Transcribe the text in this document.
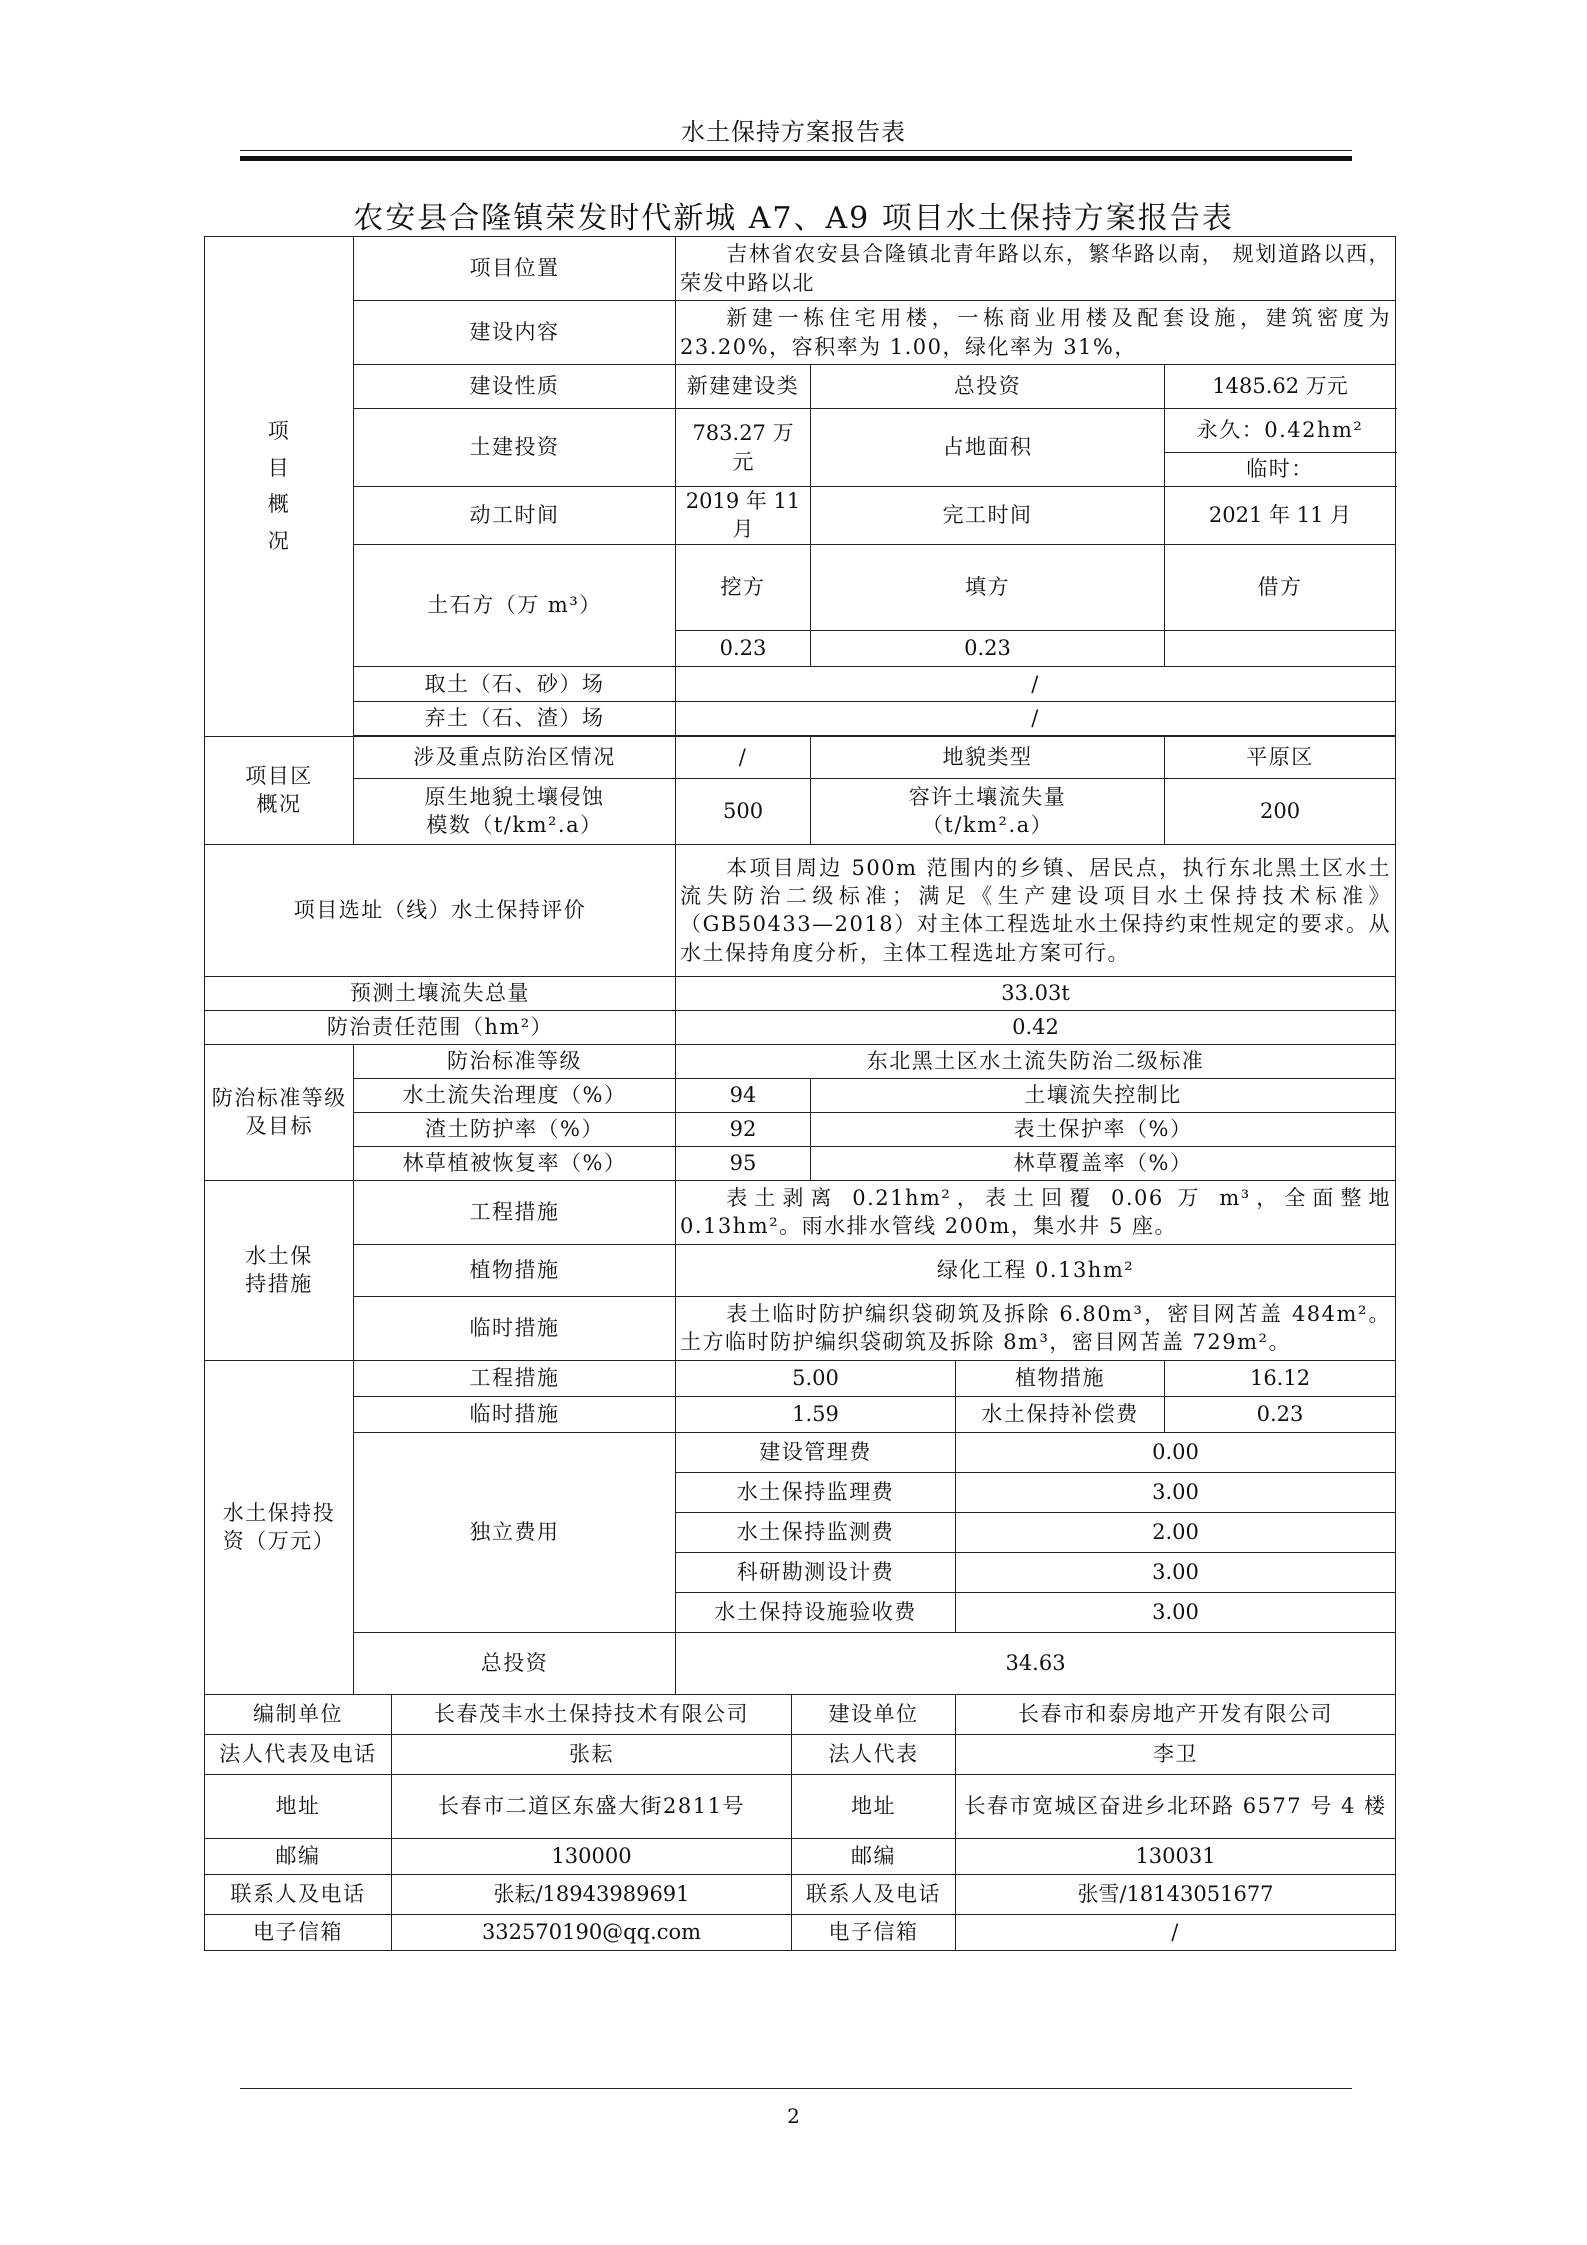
水土保持方案报告表
农安县合隆镇荣发时代新城 A7、A9 项目水土保持方案报告表
项目概况	项目位置		吉林省农安县合隆镇北青年路以东，繁华路以南， 规划道路以西，荣发中路以北					
	建设内容		新建一栋住宅用楼，一栋商业用楼及配套设施，建筑密度为 23.20%，容积率为 1.00，绿化率为 31%，					
	建设性质		新建建设类		总投资		1485.62 万元	
	土建投资		783.27 万元		占地面积		永久：0.42hm²	
							临时：	
	动工时间		2019 年 11 月		完工时间		2021 年 11 月	
	土石方（万 m³）		挖方		填方		借方	
			0.23		0.23			
	取土（石、砂）场		/					
	弃土（石、渣）场		/					

项目区概况	涉及重点防治区情况		/		地貌类型		平原区	
	原生地貌土壤侵蚀模数（t/km².a）		500		容许土壤流失量（t/km².a）		200	
项目选址（线）水土保持评价			本项目周边 500m 范围内的乡镇、居民点，执行东北黑土区水土流失防治二级标准；满足《生产建设项目水土保持技术标准》（GB50433—2018）对主体工程选址水土保持约束性规定的要求。从水土保持角度分析，主体工程选址方案可行。					
预测土壤流失总量			33.03t					
防治责任范围（hm²）			0.42					
防治标准等级及目标	防治标准等级		东北黑土区水土流失防治二级标准					
	水土流失治理度（%）		94		土壤流失控制比	
	渣土防护率（%）		92		表土保护率（%）	
	林草植被恢复率（%）		95		林草覆盖率（%）	
水土保持措施	工程措施		表土剥离 0.21hm²，表土回覆 0.06 万 m³，全面整地 0.13hm²。雨水排水管线 200m，集水井 5 座。					
	植物措施		绿化工程 0.13hm²					
	临时措施		表土临时防护编织袋砌筑及拆除 6.80m³，密目网苫盖 484m²。土方临时防护编织袋砌筑及拆除 8m³，密目网苫盖 729m²。					
水土保持投资（万元）	工程措施		5.00			植物措施	16.12	
	临时措施		1.59			水土保持补偿费	0.23	
	独立费用		建设管理费			0.00		
			水土保持监理费			3.00		
			水土保持监测费			2.00		
			科研勘测设计费			3.00		
			水土保持设施验收费			3.00		
	总投资		34.63					
编制单位		长春茂丰水土保持技术有限公司		建设单位		长春市和泰房地产开发有限公司		
法人代表及电话		张耘		法人代表		李卫		
地址		长春市二道区东盛大街2811号		地址		长春市宽城区奋进乡北环路 6577 号 4 楼		
邮编		130000		邮编		130031		
联系人及电话		张耘/18943989691		联系人及电话		张雪/18143051677		
电子信箱		332570190@qq.com		电子信箱		/		
2
